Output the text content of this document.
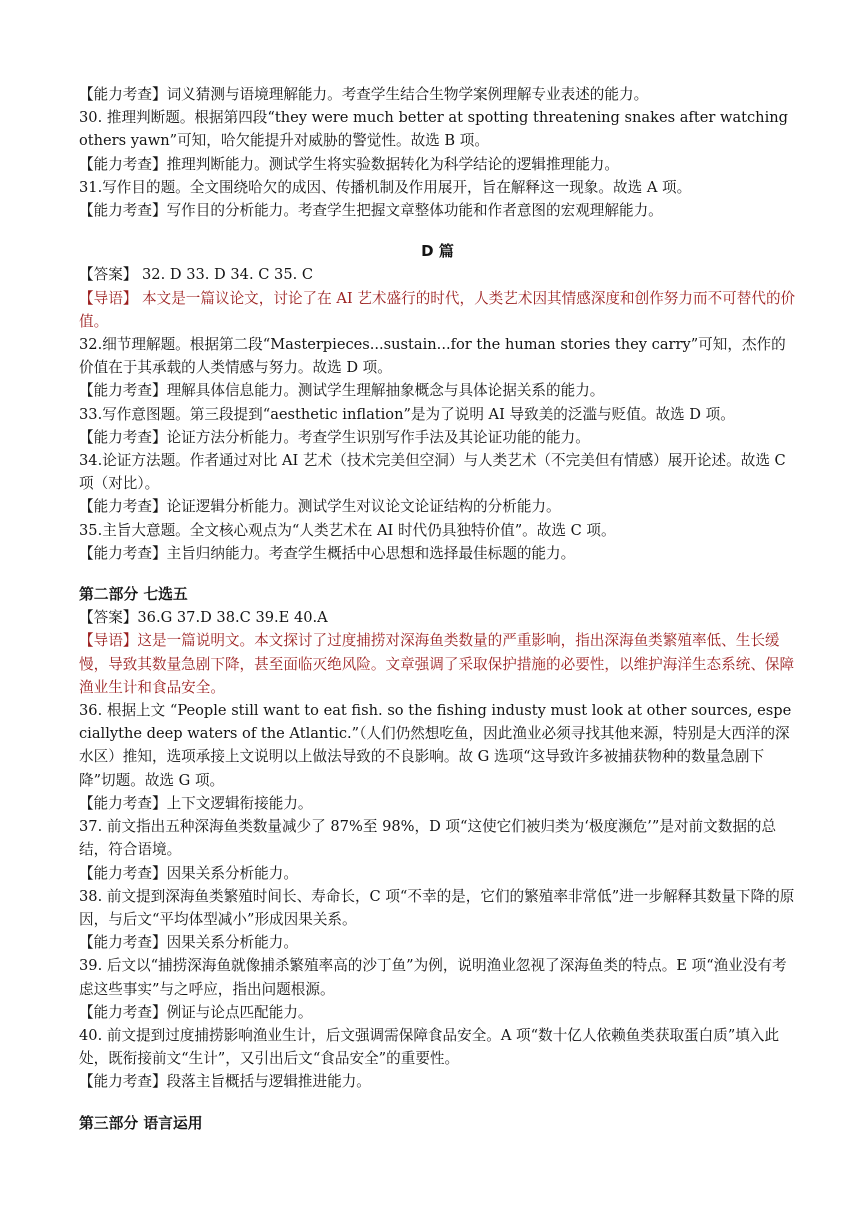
【能力考查】词义猜测与语境理解能力。考查学生结合生物学案例理解专业表述的能力。

30. 推理判断题。根据第四段“they were much better at spotting threatening snakes after watching others yawn”可知，哈欠能提升对威胁的警觉性。故选 B 项。

【能力考查】推理判断能力。测试学生将实验数据转化为科学结论的逻辑推理能力。

31.写作目的题。全文围绕哈欠的成因、传播机制及作用展开，旨在解释这一现象。故选 A 项。

【能力考查】写作目的分析能力。考查学生把握文章整体功能和作者意图的宏观理解能力。

D 篇

【答案】 32. D 33. D 34. C 35. C

【导语】 本文是一篇议论文，讨论了在 AI 艺术盛行的时代，人类艺术因其情感深度和创作努力而不可替代的价值。

32.细节理解题。根据第二段“Masterpieces...sustain...for the human stories they carry”可知，杰作的价值在于其承载的人类情感与努力。故选 D 项。

【能力考查】理解具体信息能力。测试学生理解抽象概念与具体论据关系的能力。

33.写作意图题。第三段提到“aesthetic inflation”是为了说明 AI 导致美的泛滥与贬值。故选 D 项。

【能力考查】论证方法分析能力。考查学生识别写作手法及其论证功能的能力。

34.论证方法题。作者通过对比 AI 艺术（技术完美但空洞）与人类艺术（不完美但有情感）展开论述。故选 C 项（对比）。

【能力考查】论证逻辑分析能力。测试学生对议论文论证结构的分析能力。

35.主旨大意题。全文核心观点为“人类艺术在 AI 时代仍具独特价值”。故选 C 项。

【能力考查】主旨归纳能力。考查学生概括中心思想和选择最佳标题的能力。

第二部分 七选五

【答案】36.G 37.D 38.C 39.E 40.A

【导语】这是一篇说明文。本文探讨了过度捕捞对深海鱼类数量的严重影响，指出深海鱼类繁殖率低、生长缓慢，导致其数量急剧下降，甚至面临灭绝风险。文章强调了采取保护措施的必要性，以维护海洋生态系统、保障渔业生计和食品安全。

36. 根据上文 “People still want to eat fish. so the fishing industy must look at other sources, especiallythe deep waters of the Atlantic.”（人们仍然想吃鱼，因此渔业必须寻找其他来源，特别是大西洋的深水区）推知，选项承接上文说明以上做法导致的不良影响。故 G 选项“这导致许多被捕获物种的数量急剧下降”切题。故选 G 项。

【能力考查】上下文逻辑衔接能力。

37. 前文指出五种深海鱼类数量减少了 87%至 98%，D 项“这使它们被归类为‘极度濒危’”是对前文数据的总结，符合语境。

【能力考查】因果关系分析能力。

38. 前文提到深海鱼类繁殖时间长、寿命长，C 项“不幸的是，它们的繁殖率非常低”进一步解释其数量下降的原因，与后文“平均体型减小”形成因果关系。

【能力考查】因果关系分析能力。

39. 后文以“捕捞深海鱼就像捕杀繁殖率高的沙丁鱼”为例，说明渔业忽视了深海鱼类的特点。E 项“渔业没有考虑这些事实”与之呼应，指出问题根源。

【能力考查】例证与论点匹配能力。

40. 前文提到过度捕捞影响渔业生计，后文强调需保障食品安全。A 项“数十亿人依赖鱼类获取蛋白质”填入此处，既衔接前文“生计”，又引出后文“食品安全”的重要性。

【能力考查】段落主旨概括与逻辑推进能力。

第三部分 语言运用
